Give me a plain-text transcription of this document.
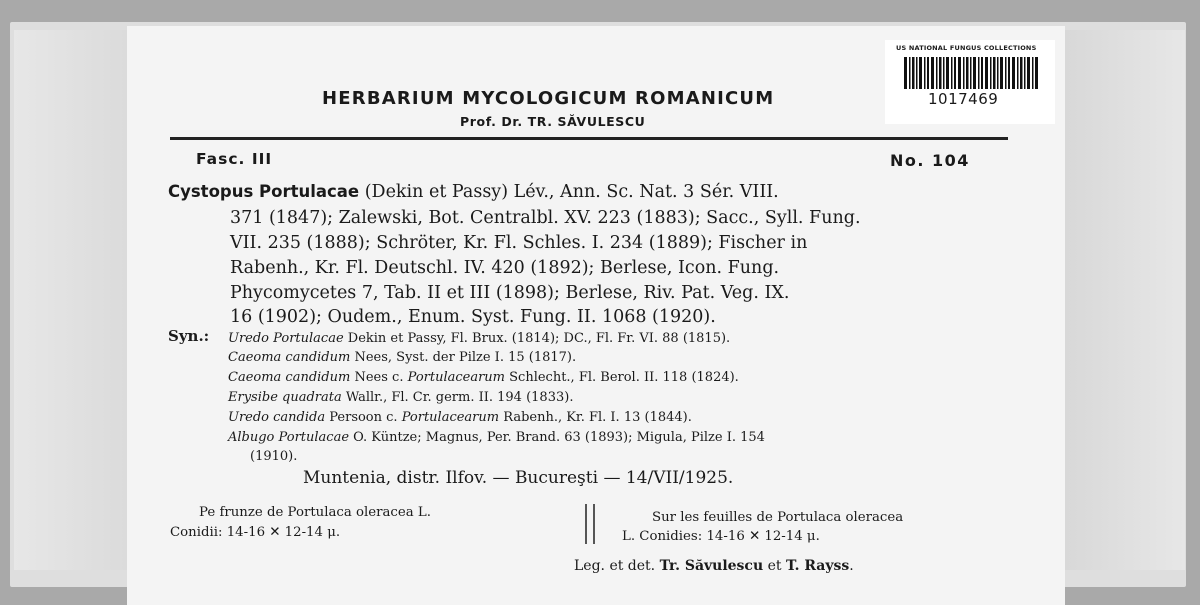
US NATIONAL FUNGUS COLLECTIONS
1017469
HERBARIUM MYCOLOGICUM ROMANICUM
Prof. Dr. TR. SĂVULESCU
Fasc. III	No. 104
Cystopus Portulacae (Dekin et Passy) Lév., Ann. Sc. Nat. 3 Sér. VIII.
371 (1847); Zalewski, Bot. Centralbl. XV. 223 (1883); Sacc., Syll. Fung.
VII. 235 (1888); Schröter, Kr. Fl. Schles. I. 234 (1889); Fischer in
Rabenh., Kr. Fl. Deutschl. IV. 420 (1892); Berlese, Icon. Fung.
Phycomycetes 7, Tab. II et III (1898); Berlese, Riv. Pat. Veg. IX.
16 (1902); Oudem., Enum. Syst. Fung. II. 1068 (1920).
Syn.: Uredo Portulacae Dekin et Passy, Fl. Brux. (1814); DC., Fl. Fr. VI. 88 (1815).
Caeoma candidum Nees, Syst. der Pilze I. 15 (1817).
Caeoma candidum Nees c. Portulacearum Schlecht., Fl. Berol. II. 118 (1824).
Erysibe quadrata Wallr., Fl. Cr. germ. II. 194 (1833).
Uredo candida Persoon c. Portulacearum Rabenh., Kr. Fl. I. 13 (1844).
Albugo Portulacae O. Küntze; Magnus, Per. Brand. 63 (1893); Migula, Pilze I. 154
(1910).
Muntenia, distr. Ilfov. — Bucureşti — 14/VII/1925.
Pe frunze de Portulaca oleracea L.
Conidii: 14-16 ✕ 12-14 μ.
Sur les feuilles de Portulaca oleracea
L. Conidies: 14-16 ✕ 12-14 μ.
Leg. et det. Tr. Săvulescu et T. Rayss.
